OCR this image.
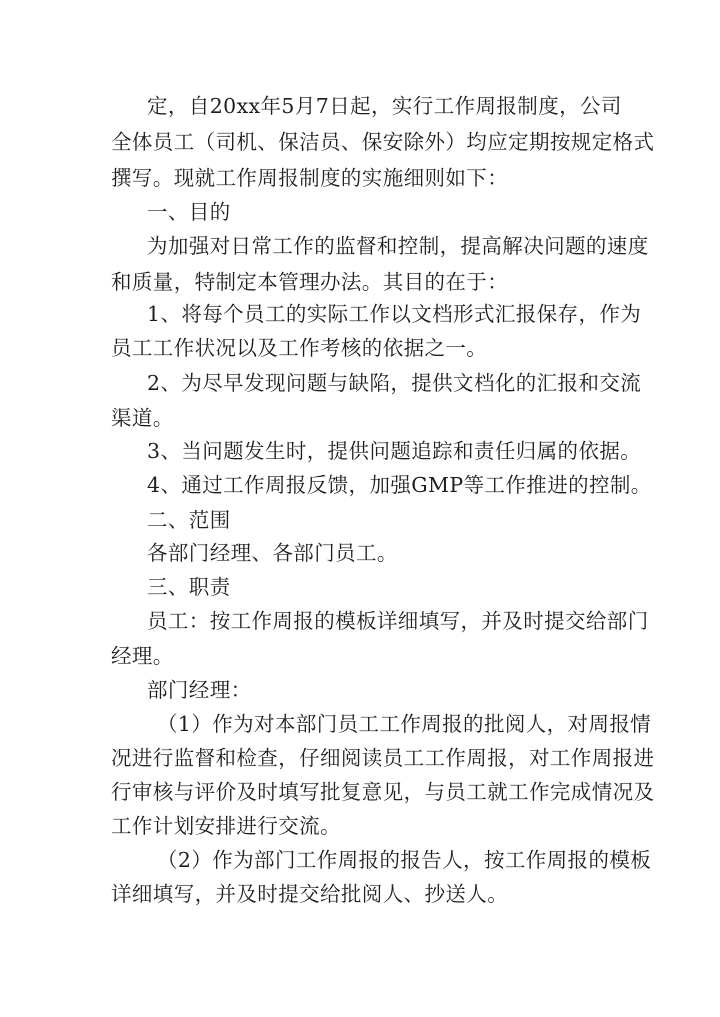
定，自20xx年5月7日起，实行工作周报制度，公司
全体员工（司机、保洁员、保安除外）均应定期按规定格式
撰写。现就工作周报制度的实施细则如下：
一、目的
为加强对日常工作的监督和控制，提高解决问题的速度
和质量，特制定本管理办法。其目的在于：
1、将每个员工的实际工作以文档形式汇报保存，作为
员工工作状况以及工作考核的依据之一。
2、为尽早发现问题与缺陷，提供文档化的汇报和交流
渠道。
3、当问题发生时，提供问题追踪和责任归属的依据。
4、通过工作周报反馈，加强GMP等工作推进的控制。
二、范围
各部门经理、各部门员工。
三、职责
员工：按工作周报的模板详细填写，并及时提交给部门
经理。
部门经理：
（1）作为对本部门员工工作周报的批阅人，对周报情
况进行监督和检查，仔细阅读员工工作周报，对工作周报进
行审核与评价及时填写批复意见，与员工就工作完成情况及
工作计划安排进行交流。
（2）作为部门工作周报的报告人，按工作周报的模板
详细填写，并及时提交给批阅人、抄送人。
